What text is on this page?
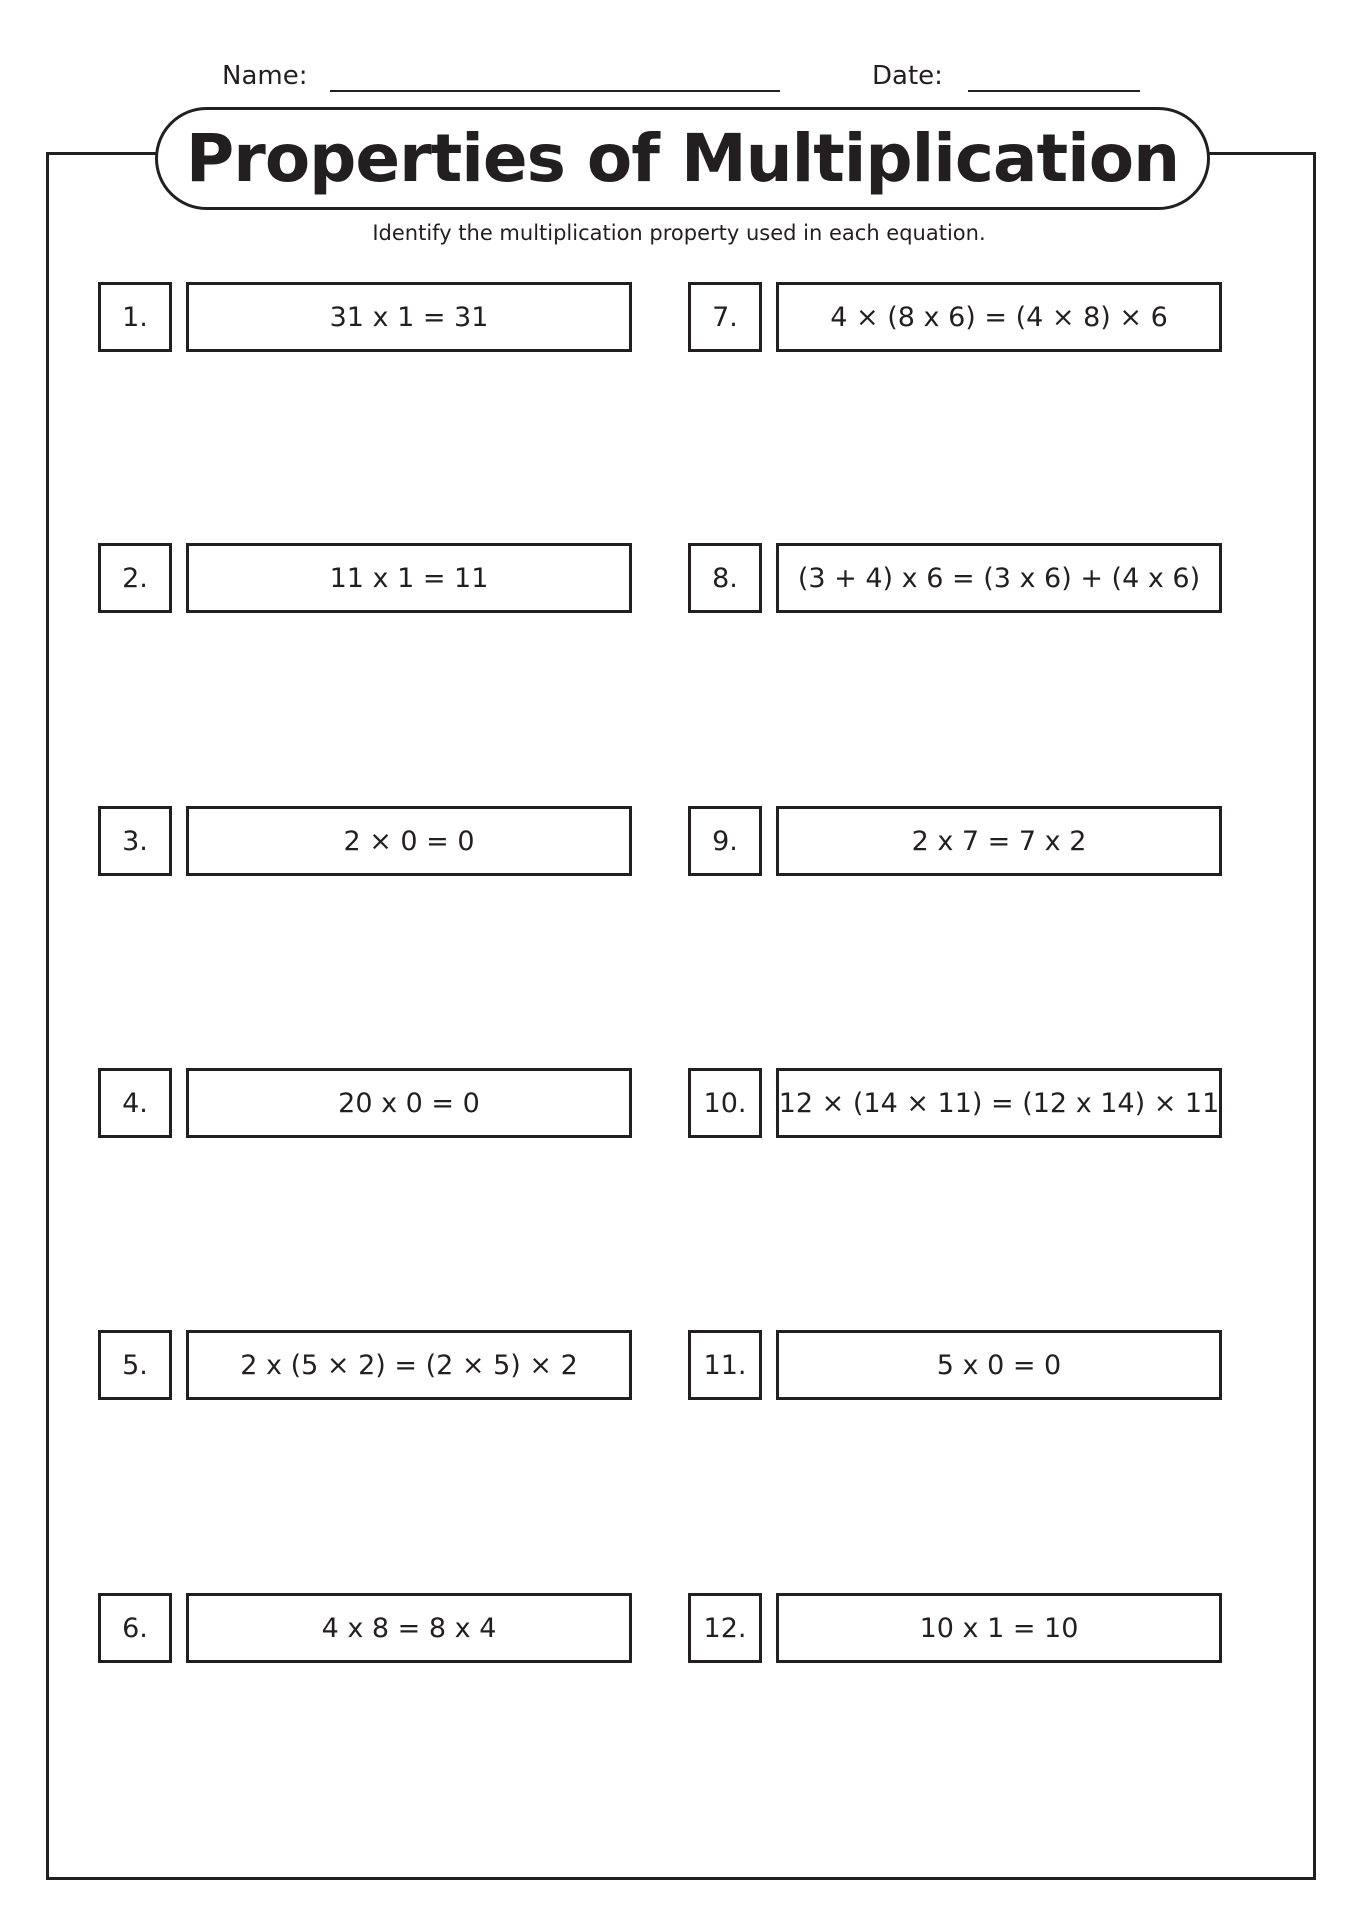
Name:	Date:
Properties of Multiplication
Identify the multiplication property used in each equation.
1.	31 x 1 = 31
2.	11 x 1 = 11
3.	2 × 0 = 0
4.	20 x 0 = 0
5.	2 x (5 × 2) = (2 × 5) × 2
6.	4 x 8 = 8 x 4
7.	4 × (8 x 6) = (4 × 8) × 6
8.	(3 + 4) x 6 = (3 x 6) + (4 x 6)
9.	2 x 7 = 7 x 2
10.	12 × (14 × 11) = (12 x 14) × 11
11.	5 x 0 = 0
12.	10 x 1 = 10
